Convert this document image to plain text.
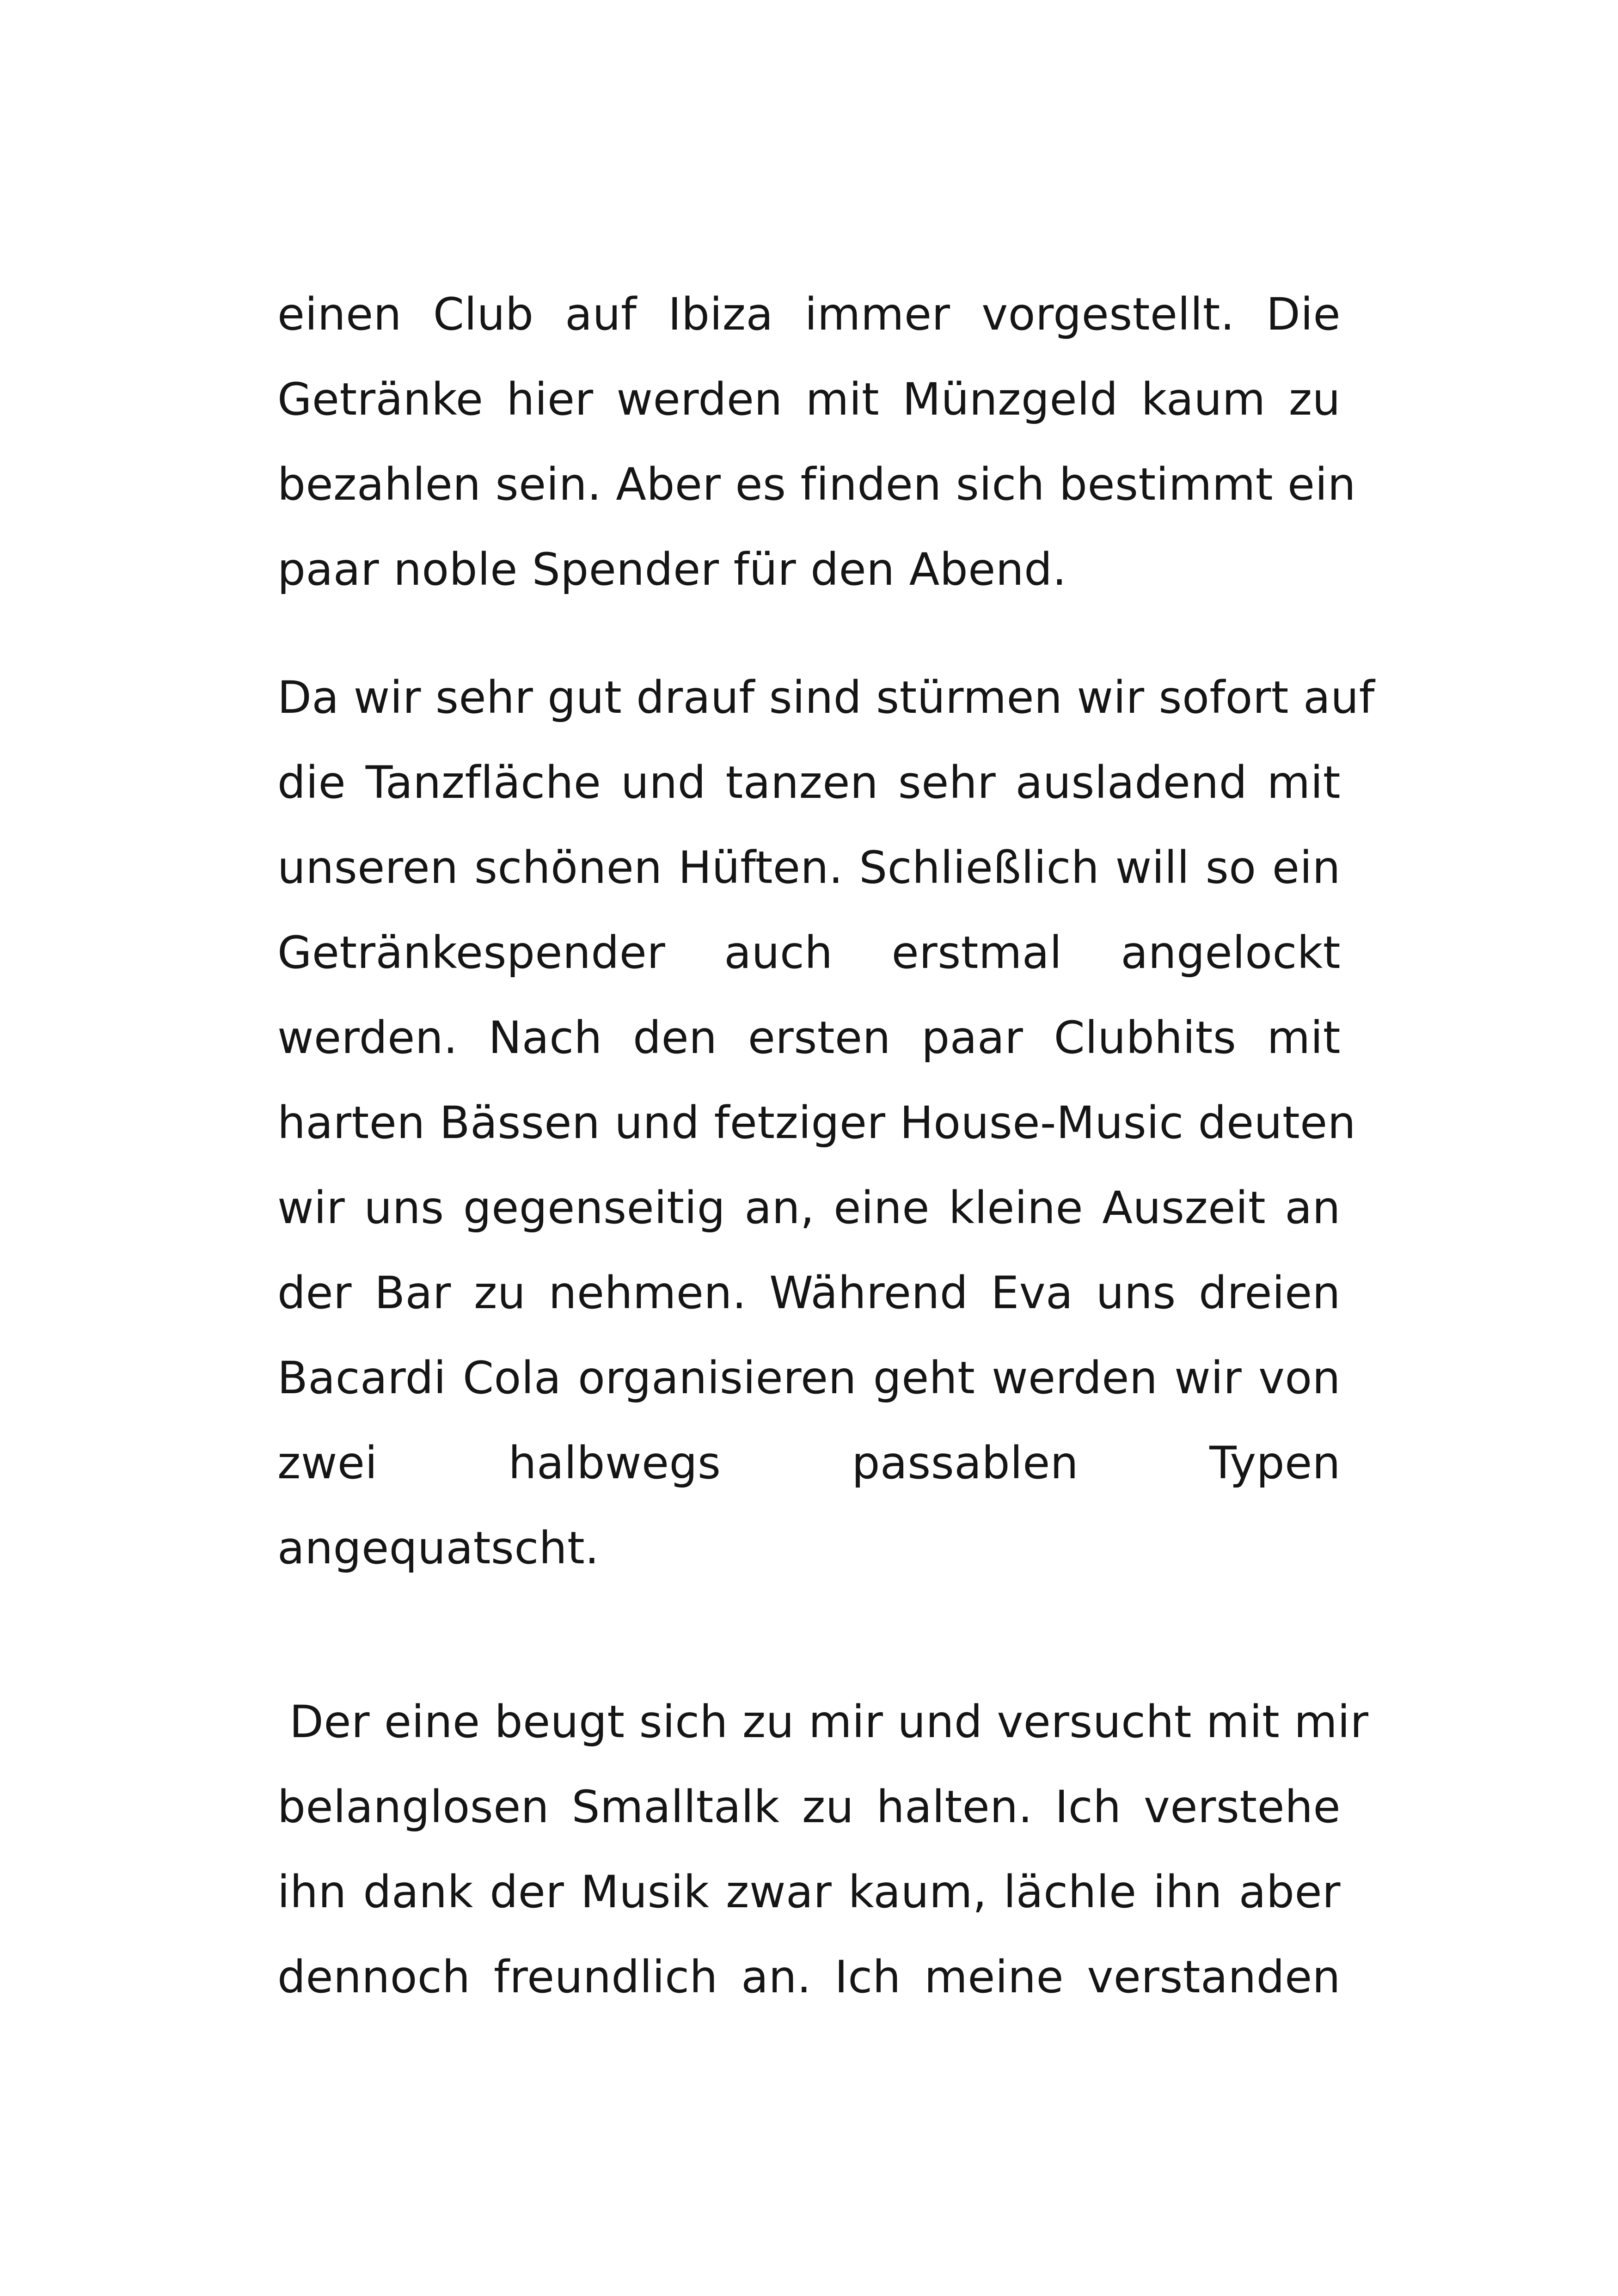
einen Club auf Ibiza immer vorgestellt. Die
Getränke hier werden mit Münzgeld kaum zu
bezahlen sein. Aber es finden sich bestimmt ein
paar noble Spender für den Abend.
Da wir sehr gut drauf sind stürmen wir sofort auf
die Tanzfläche und tanzen sehr ausladend mit
unseren schönen Hüften. Schließlich will so ein
Getränkespender auch erstmal angelockt
werden. Nach den ersten paar Clubhits mit
harten Bässen und fetziger House-Music deuten
wir uns gegenseitig an, eine kleine Auszeit an
der Bar zu nehmen. Während Eva uns dreien
Bacardi Cola organisieren geht werden wir von
zwei halbwegs passablen Typen
angequatscht.
Der eine beugt sich zu mir und versucht mit mir
belanglosen Smalltalk zu halten. Ich verstehe
ihn dank der Musik zwar kaum, lächle ihn aber
dennoch freundlich an. Ich meine verstanden
